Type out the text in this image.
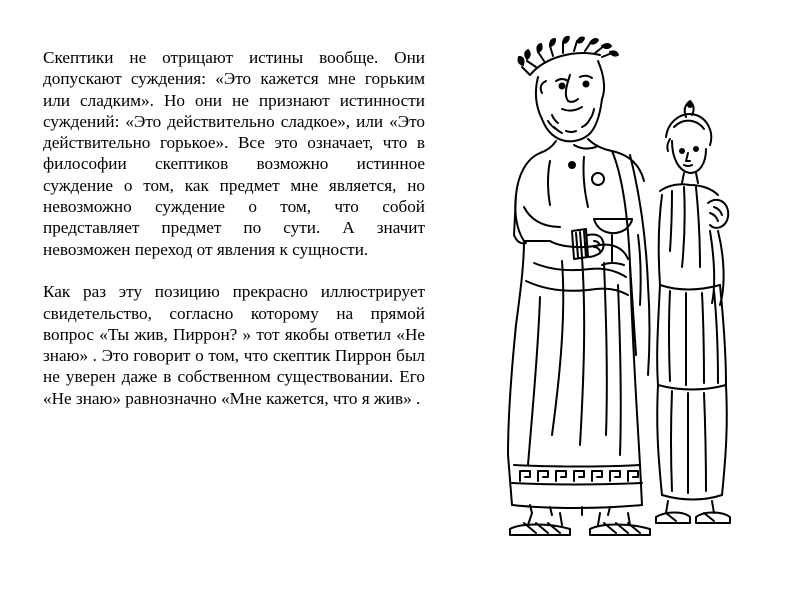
Скептики не отрицают истины вообще. Они допускают суждения: «Это кажется мне горьким или сладким». Но они не признают истинности суждений: «Это действительно сладкое», или «Это действительно горькое». Все это означает, что в философии скептиков возможно истинное суждение о том, как предмет мне является, но невозможно суждение о том, что собой представляет предмет по сути. А значит невозможен переход от явления к сущности.

Как раз эту позицию прекрасно иллюстрирует свидетельство, согласно которому на прямой вопрос «Ты жив, Пиррон? » тот якобы ответил «Не знаю» . Это говорит о том, что скептик Пиррон был не уверен даже в собственном существовании. Его «Не знаю» равнозначно «Мне кажется, что я жив» .
